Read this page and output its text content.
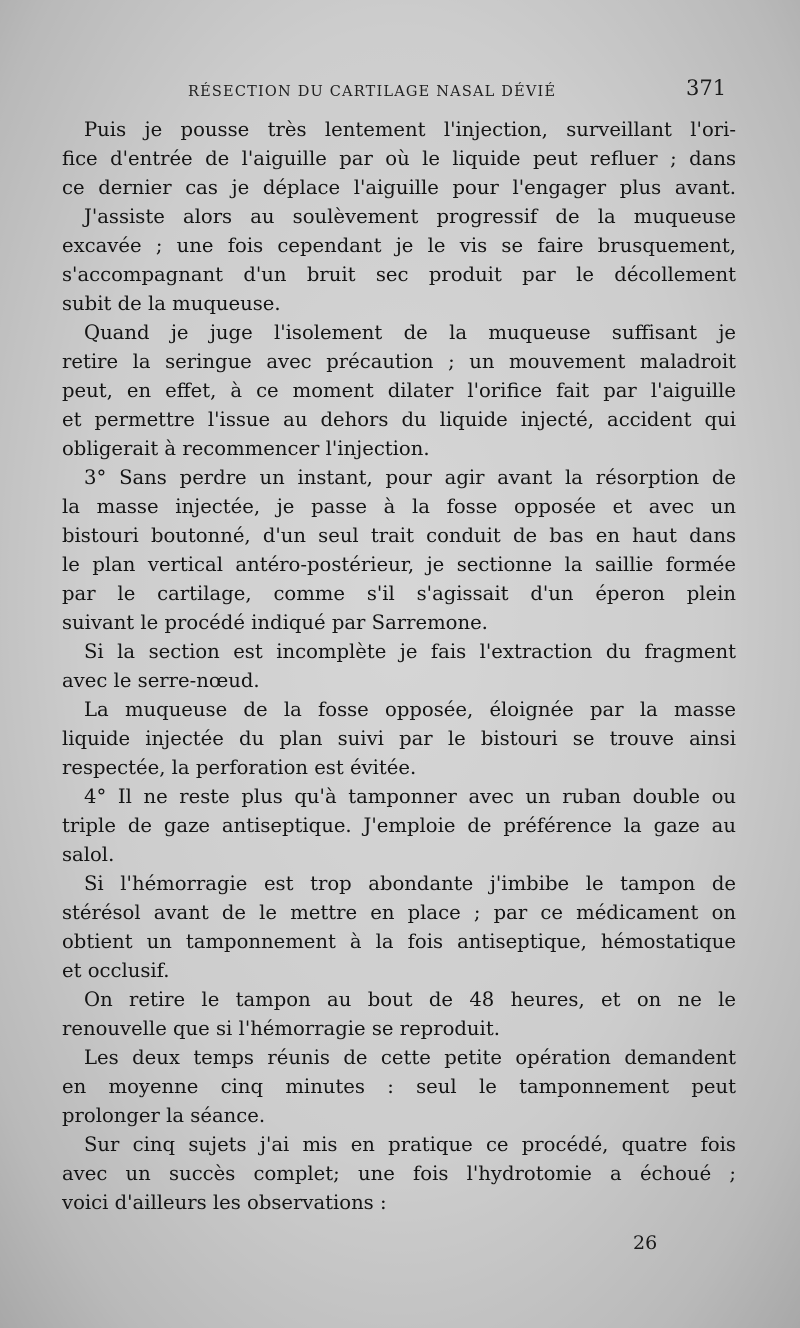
RÉSECTION DU CARTILAGE NASAL DÉVIÉ	371
Puis je pousse très lentement l'injection, surveillant l'ori-
fice d'entrée de l'aiguille par où le liquide peut refluer ; dans
ce dernier cas je déplace l'aiguille pour l'engager plus avant.
J'assiste alors au soulèvement progressif de la muqueuse
excavée ; une fois cependant je le vis se faire brusquement,
s'accompagnant d'un bruit sec produit par le décollement
subit de la muqueuse.
Quand je juge l'isolement de la muqueuse suffisant je
retire la seringue avec précaution ; un mouvement maladroit
peut, en effet, à ce moment dilater l'orifice fait par l'aiguille
et permettre l'issue au dehors du liquide injecté, accident qui
obligerait à recommencer l'injection.
3° Sans perdre un instant, pour agir avant la résorption de
la masse injectée, je passe à la fosse opposée et avec un
bistouri boutonné, d'un seul trait conduit de bas en haut dans
le plan vertical antéro-postérieur, je sectionne la saillie formée
par le cartilage, comme s'il s'agissait d'un éperon plein
suivant le procédé indiqué par Sarremone.
Si la section est incomplète je fais l'extraction du fragment
avec le serre-nœud.
La muqueuse de la fosse opposée, éloignée par la masse
liquide injectée du plan suivi par le bistouri se trouve ainsi
respectée, la perforation est évitée.
4° Il ne reste plus qu'à tamponner avec un ruban double ou
triple de gaze antiseptique. J'emploie de préférence la gaze au
salol.
Si l'hémorragie est trop abondante j'imbibe le tampon de
stérésol avant de le mettre en place ; par ce médicament on
obtient un tamponnement à la fois antiseptique, hémostatique
et occlusif.
On retire le tampon au bout de 48 heures, et on ne le
renouvelle que si l'hémorragie se reproduit.
Les deux temps réunis de cette petite opération demandent
en moyenne cinq minutes : seul le tamponnement peut
prolonger la séance.
Sur cinq sujets j'ai mis en pratique ce procédé, quatre fois
avec un succès complet; une fois l'hydrotomie a échoué ;
voici d'ailleurs les observations :
26
